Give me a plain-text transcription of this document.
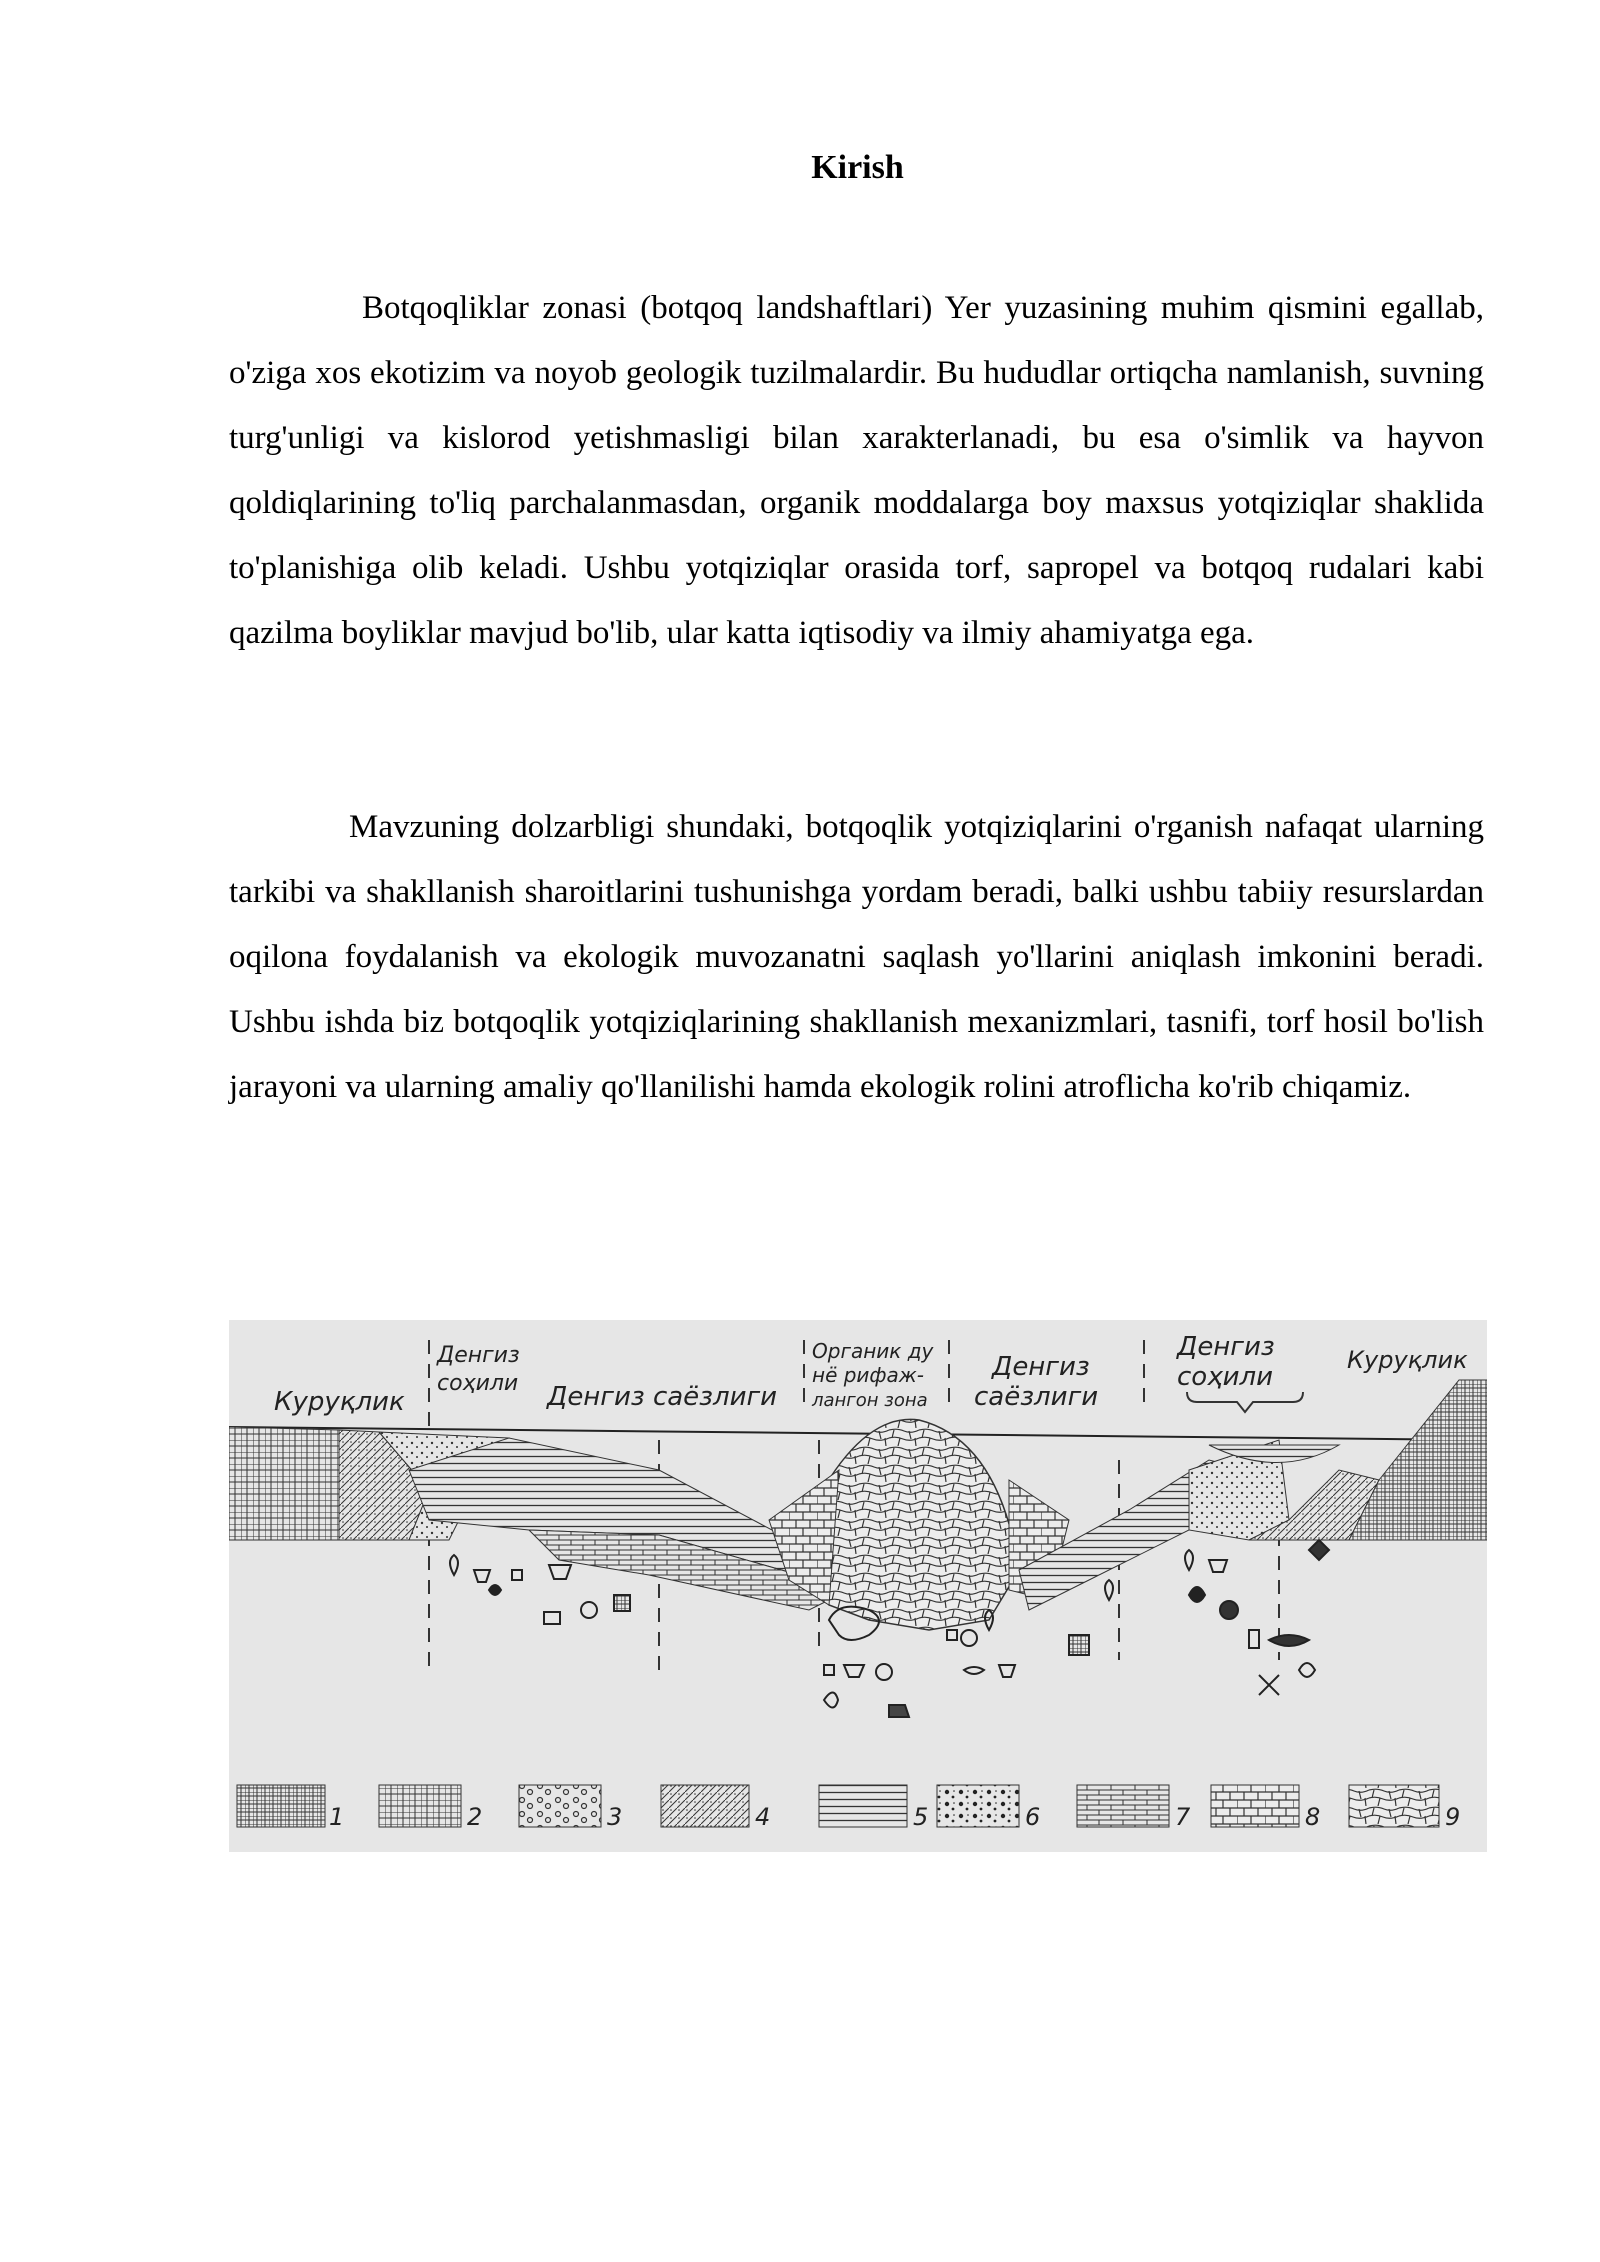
Kirish

Botqoqliklar zonasi (botqoq landshaftlari) Yer yuzasining muhim qismini egallab, o'ziga xos ekotizim va noyob geologik tuzilmalardir. Bu hududlar ortiqcha namlanish, suvning turg'unligi va kislorod yetishmasligi bilan xarakterlanadi, bu esa o'simlik va hayvon qoldiqlarining to'liq parchalanmasdan, organik moddalarga boy maxsus yotqiziqlar shaklida to'planishiga olib keladi. Ushbu yotqiziqlar orasida torf, sapropel va botqoq rudalari kabi qazilma boyliklar mavjud bo'lib, ular katta iqtisodiy va ilmiy ahamiyatga ega.

Mavzuning dolzarbligi shundaki, botqoqlik yotqiziqlarini o'rganish nafaqat ularning tarkibi va shakllanish sharoitlarini tushunishga yordam beradi, balki ushbu tabiiy resurslardan oqilona foydalanish va ekologik muvozanatni saqlash yo'llarini aniqlash imkonini beradi. Ushbu ishda biz botqoqlik yotqiziqlarining shakllanish mexanizmlari, tasnifi, torf hosil bo'lish jarayoni va ularning amaliy qo'llanilishi hamda ekologik rolini atroflicha ko'rib chiqamiz.

Куруқлик
Денгиз
соҳили Денгиз саёзлиги
Органик ду
нё рифаж-
лангон зона
Денгиз
саёзлиги
Денгиз
соҳили
Куруқлик
1	2	3	4	5	6	7	8	9
